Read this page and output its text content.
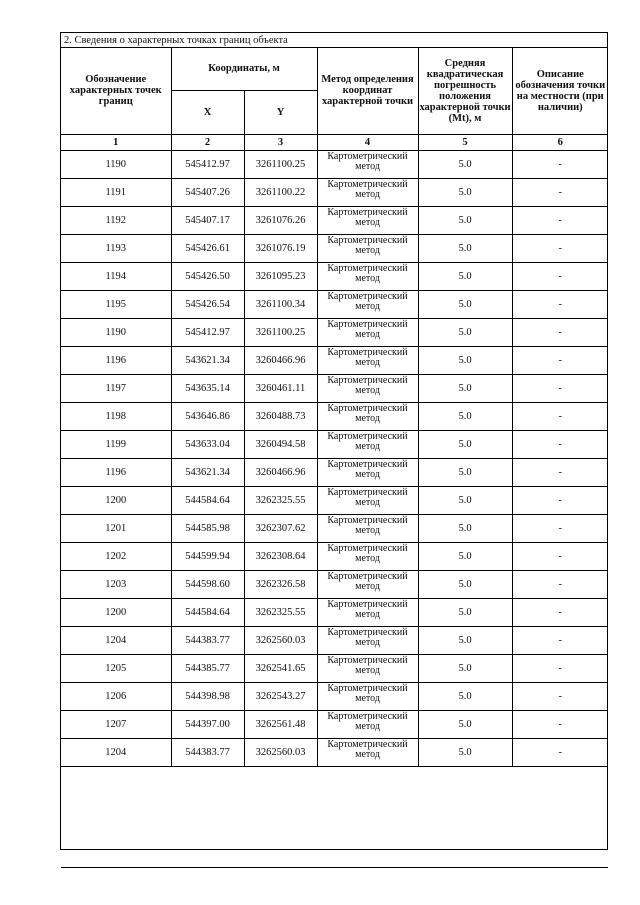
2. Сведения о характерных точках границ объекта
Обозначение характерных точек границ	Координаты, м		Метод определения координат характерной точки	Средняя квадратическая погрешность положения характерной точки (Mt), м	Описание обозначения точки на местности (при наличии)
	X	Y			
1	2	3	4	5	6
1190	545412.97	3261100.25	Картометрический метод	5.0	-
1191	545407.26	3261100.22	Картометрический метод	5.0	-
1192	545407.17	3261076.26	Картометрический метод	5.0	-
1193	545426.61	3261076.19	Картометрический метод	5.0	-
1194	545426.50	3261095.23	Картометрический метод	5.0	-
1195	545426.54	3261100.34	Картометрический метод	5.0	-
1190	545412.97	3261100.25	Картометрический метод	5.0	-
1196	543621.34	3260466.96	Картометрический метод	5.0	-
1197	543635.14	3260461.11	Картометрический метод	5.0	-
1198	543646.86	3260488.73	Картометрический метод	5.0	-
1199	543633.04	3260494.58	Картометрический метод	5.0	-
1196	543621.34	3260466.96	Картометрический метод	5.0	-
1200	544584.64	3262325.55	Картометрический метод	5.0	-
1201	544585.98	3262307.62	Картометрический метод	5.0	-
1202	544599.94	3262308.64	Картометрический метод	5.0	-
1203	544598.60	3262326.58	Картометрический метод	5.0	-
1200	544584.64	3262325.55	Картометрический метод	5.0	-
1204	544383.77	3262560.03	Картометрический метод	5.0	-
1205	544385.77	3262541.65	Картометрический метод	5.0	-
1206	544398.98	3262543.27	Картометрический метод	5.0	-
1207	544397.00	3262561.48	Картометрический метод	5.0	-
1204	544383.77	3262560.03	Картометрический метод	5.0	-
